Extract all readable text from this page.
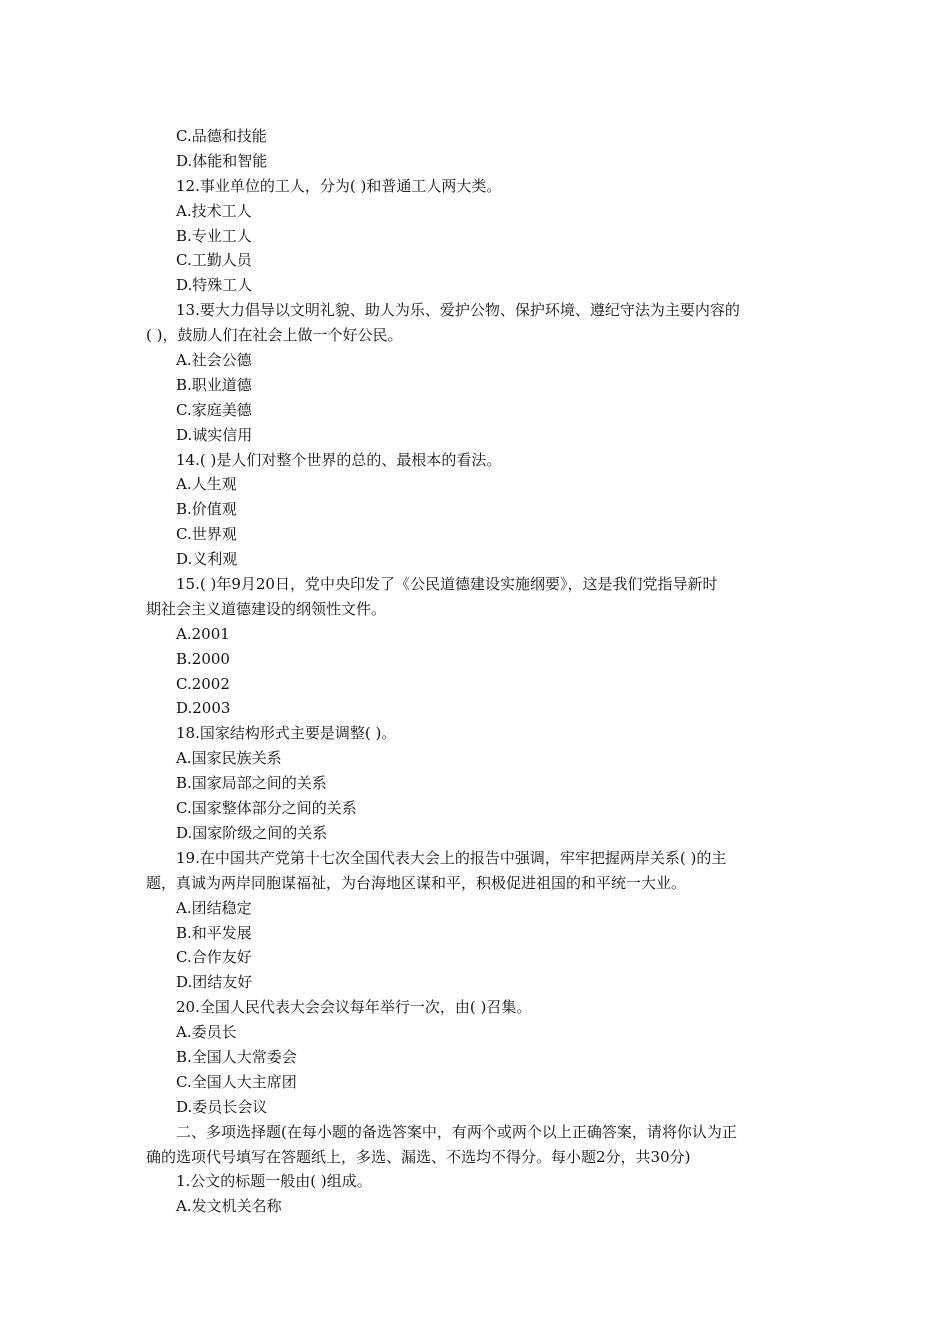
C.品德和技能
D.体能和智能
12.事业单位的工人，分为( )和普通工人两大类。
A.技术工人
B.专业工人
C.工勤人员
D.特殊工人
13.要大力倡导以文明礼貌、助人为乐、爱护公物、保护环境、遵纪守法为主要内容的
( )，鼓励人们在社会上做一个好公民。
A.社会公德
B.职业道德
C.家庭美德
D.诚实信用
14.( )是人们对整个世界的总的、最根本的看法。
A.人生观
B.价值观
C.世界观
D.义利观
15.( )年9月20日，党中央印发了《公民道德建设实施纲要》，这是我们党指导新时
期社会主义道德建设的纲领性文件。
A.2001
B.2000
C.2002
D.2003
18.国家结构形式主要是调整( )。
A.国家民族关系
B.国家局部之间的关系
C.国家整体部分之间的关系
D.国家阶级之间的关系
19.在中国共产党第十七次全国代表大会上的报告中强调，牢牢把握两岸关系( )的主
题，真诚为两岸同胞谋福祉，为台海地区谋和平，积极促进祖国的和平统一大业。
A.团结稳定
B.和平发展
C.合作友好
D.团结友好
20.全国人民代表大会会议每年举行一次，由( )召集。
A.委员长
B.全国人大常委会
C.全国人大主席团
D.委员长会议
二、多项选择题(在每小题的备选答案中，有两个或两个以上正确答案，请将你认为正
确的选项代号填写在答题纸上，多选、漏选、不选均不得分。每小题2分，共30分)
1.公文的标题一般由( )组成。
A.发文机关名称
